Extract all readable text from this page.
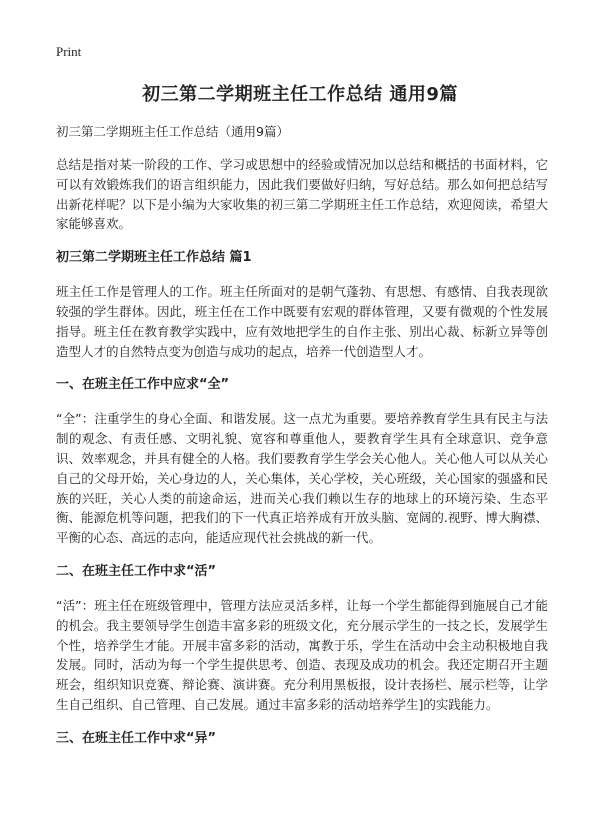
Print
初三第二学期班主任工作总结 通用9篇
初三第二学期班主任工作总结（通用9篇）

总结是指对某一阶段的工作、学习或思想中的经验或情况加以总结和概括的书面材料，它可以有效锻炼我们的语言组织能力，因此我们要做好归纳，写好总结。那么如何把总结写出新花样呢？以下是小编为大家收集的初三第二学期班主任工作总结，欢迎阅读，希望大家能够喜欢。

初三第二学期班主任工作总结 篇1

班主任工作是管理人的工作。班主任所面对的是朝气蓬勃、有思想、有感情、自我表现欲较强的学生群体。因此，班主任在工作中既要有宏观的群体管理，又要有微观的个性发展指导。班主任在教育教学实践中，应有效地把学生的自作主张、别出心裁、标新立异等创造型人才的自然特点变为创造与成功的起点，培养一代创造型人才。

一、在班主任工作中应求“全”

“全”：注重学生的身心全面、和谐发展。这一点尤为重要。要培养教育学生具有民主与法制的观念、有责任感、文明礼貌、宽容和尊重他人，要教育学生具有全球意识、竞争意识、效率观念，并具有健全的人格。我们要教育学生学会关心他人。关心他人可以从关心自己的父母开始，关心身边的人，关心集体，关心学校，关心班级，关心国家的强盛和民族的兴旺，关心人类的前途命运，进而关心我们赖以生存的地球上的环境污染、生态平衡、能源危机等问题，把我们的下一代真正培养成有开放头脑、宽阔的.视野、博大胸襟、平衡的心态、高远的志向，能适应现代社会挑战的新一代。

二、在班主任工作中求“活”

“活”：班主任在班级管理中，管理方法应灵活多样，让每一个学生都能得到施展自己才能的机会。我主要领导学生创造丰富多彩的班级文化，充分展示学生的一技之长，发展学生个性，培养学生才能。开展丰富多彩的活动，寓教于乐，学生在活动中会主动积极地自我发展。同时，活动为每一个学生提供思考、创造、表现及成功的机会。我还定期召开主题班会，组织知识竞赛、辩论赛、演讲赛。充分利用黑板报，设计表扬栏、展示栏等，让学生自己组织、自己管理、自己发展。通过丰富多彩的活动培养学生]的实践能力。

三、在班主任工作中求“异”
